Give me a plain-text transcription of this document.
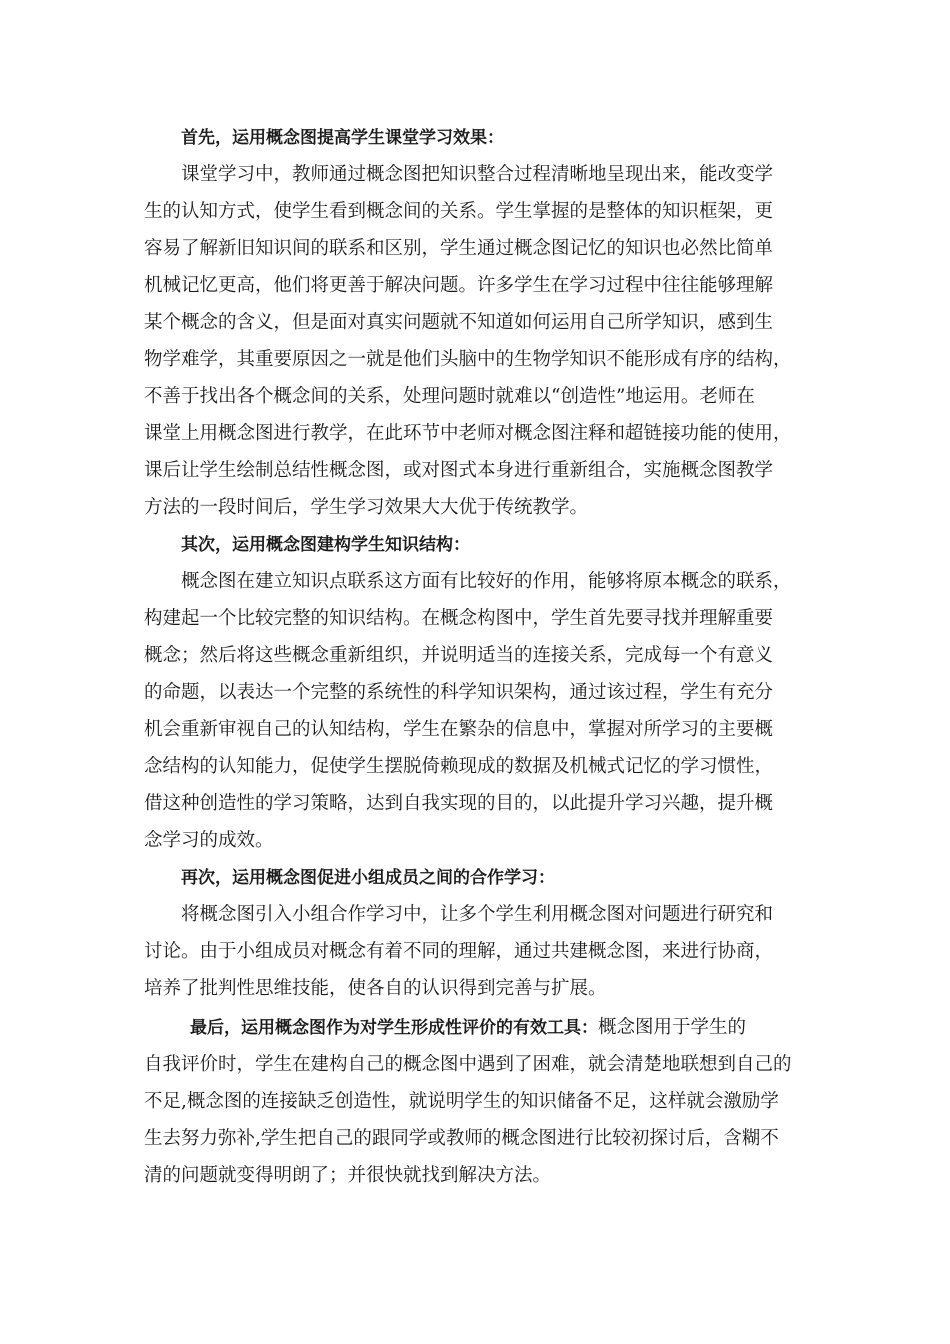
首先，运用概念图提高学生课堂学习效果：
课堂学习中，教师通过概念图把知识整合过程清晰地呈现出来，能改变学
生的认知方式，使学生看到概念间的关系。学生掌握的是整体的知识框架，更
容易了解新旧知识间的联系和区别，学生通过概念图记忆的知识也必然比简单
机械记忆更高，他们将更善于解决问题。许多学生在学习过程中往往能够理解
某个概念的含义，但是面对真实问题就不知道如何运用自己所学知识，感到生
物学难学，其重要原因之一就是他们头脑中的生物学知识不能形成有序的结构，
不善于找出各个概念间的关系，处理问题时就难以“创造性”地运用。老师在
课堂上用概念图进行教学，在此环节中老师对概念图注释和超链接功能的使用，
课后让学生绘制总结性概念图，或对图式本身进行重新组合，实施概念图教学
方法的一段时间后，学生学习效果大大优于传统教学。
其次，运用概念图建构学生知识结构：
概念图在建立知识点联系这方面有比较好的作用，能够将原本概念的联系，
构建起一个比较完整的知识结构。在概念构图中，学生首先要寻找并理解重要
概念；然后将这些概念重新组织，并说明适当的连接关系，完成每一个有意义
的命题，以表达一个完整的系统性的科学知识架构，通过该过程，学生有充分
机会重新审视自己的认知结构，学生在繁杂的信息中，掌握对所学习的主要概
念结构的认知能力，促使学生摆脱倚赖现成的数据及机械式记忆的学习惯性，
借这种创造性的学习策略，达到自我实现的目的，以此提升学习兴趣，提升概
念学习的成效。
再次，运用概念图促进小组成员之间的合作学习：
将概念图引入小组合作学习中，让多个学生利用概念图对问题进行研究和
讨论。由于小组成员对概念有着不同的理解，通过共建概念图，来进行协商，
培养了批判性思维技能，使各自的认识得到完善与扩展。
最后，运用概念图作为对学生形成性评价的有效工具：概念图用于学生的
自我评价时，学生在建构自己的概念图中遇到了困难，就会清楚地联想到自己的
不足,概念图的连接缺乏创造性，就说明学生的知识储备不足，这样就会激励学
生去努力弥补,学生把自己的跟同学或教师的概念图进行比较初探讨后，含糊不
清的问题就变得明朗了；并很快就找到解决方法。
